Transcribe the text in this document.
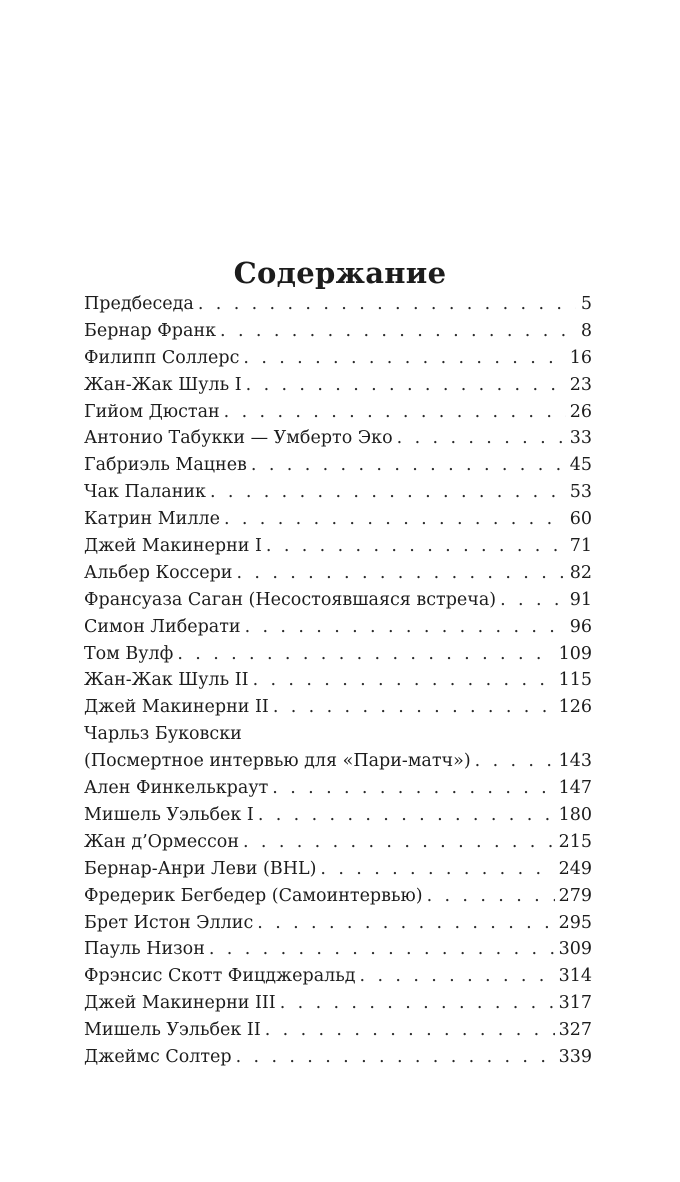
Содержание
Предбеседа . . .	5
Бернар Франк . . .	8
Филипп Соллерс . . .	16
Жан-Жак Шуль I . . .	23
Гийом Дюстан . . .	26
Антонио Табукки — Умберто Эко . . .	33
Габриэль Мацнев . . .	45
Чак Паланик . . .	53
Катрин Милле . . .	60
Джей Макинерни I . . .	71
Альбер Коссери . . .	82
Франсуаза Саган (Несостоявшаяся встреча) . . .	91
Симон Либерати . . .	96
Том Вулф . . .	109
Жан-Жак Шуль II . . .	115
Джей Макинерни II . . .	126
Чарльз Буковски
(Посмертное интервью для «Пари-матч») . . .	143
Ален Финкелькраут . . .	147
Мишель Уэльбек I . . .	180
Жан д’Ормессон . . .	215
Бернар-Анри Леви (BHL) . . .	249
Фредерик Бегбедер (Самоинтервью) . . .	279
Брет Истон Эллис . . .	295
Пауль Низон . . .	309
Фрэнсис Скотт Фицджеральд . . .	314
Джей Макинерни III . . .	317
Мишель Уэльбек II . . .	327
Джеймс Солтер . . .	339
